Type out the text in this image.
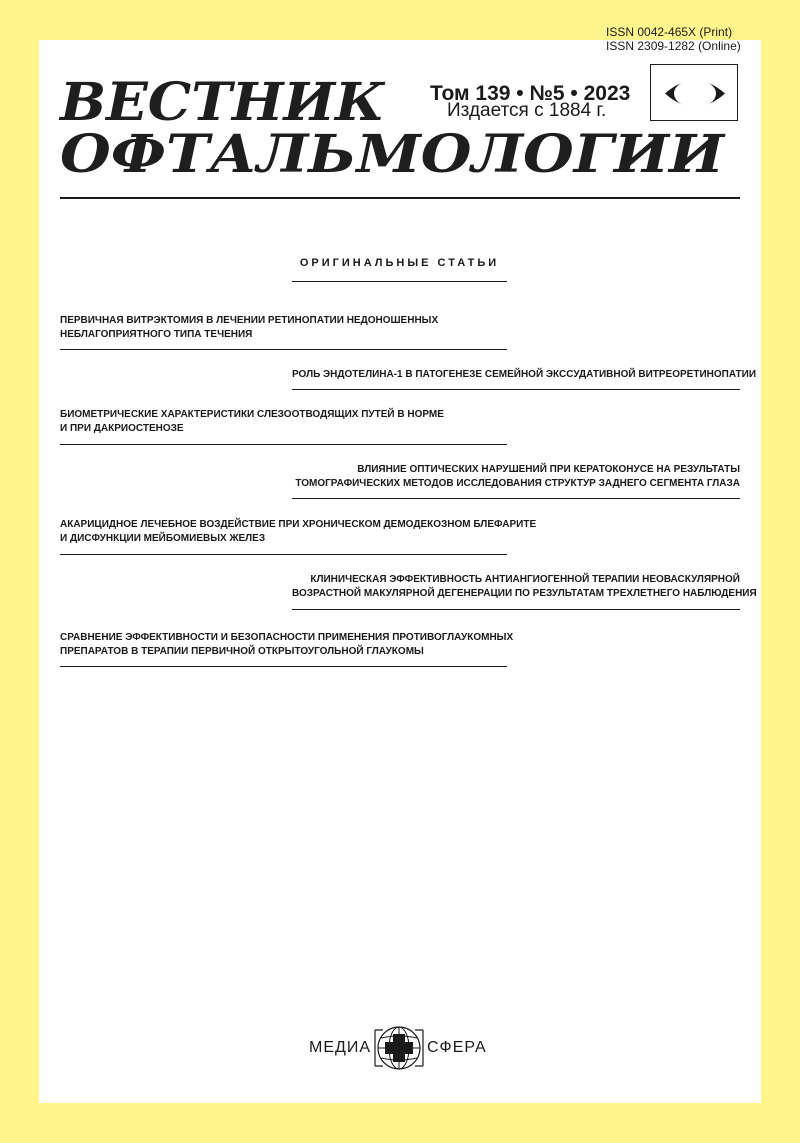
ISSN 0042-465X (Print)
ISSN 2309-1282 (Online)
ВЕСТНИК
ОФТАЛЬМОЛОГИИ
Том 139 • №5 • 2023
Издается с 1884 г.
ОРИГИНАЛЬНЫЕ СТАТЬИ
ПЕРВИЧНАЯ ВИТРЭКТОМИЯ В ЛЕЧЕНИИ РЕТИНОПАТИИ НЕДОНОШЕННЫХ
НЕБЛАГОПРИЯТНОГО ТИПА ТЕЧЕНИЯ
РОЛЬ ЭНДОТЕЛИНА-1 В ПАТОГЕНЕЗЕ СЕМЕЙНОЙ ЭКССУДАТИВНОЙ ВИТРЕОРЕТИНОПАТИИ
БИОМЕТРИЧЕСКИЕ ХАРАКТЕРИСТИКИ СЛЕЗООТВОДЯЩИХ ПУТЕЙ В НОРМЕ
И ПРИ ДАКРИОСТЕНОЗЕ
ВЛИЯНИЕ ОПТИЧЕСКИХ НАРУШЕНИЙ ПРИ КЕРАТОКОНУСЕ НА РЕЗУЛЬТАТЫ
ТОМОГРАФИЧЕСКИХ МЕТОДОВ ИССЛЕДОВАНИЯ СТРУКТУР ЗАДНЕГО СЕГМЕНТА ГЛАЗА
АКАРИЦИДНОЕ ЛЕЧЕБНОЕ ВОЗДЕЙСТВИЕ ПРИ ХРОНИЧЕСКОМ ДЕМОДЕКОЗНОМ БЛЕФАРИТЕ
И ДИСФУНКЦИИ МЕЙБОМИЕВЫХ ЖЕЛЕЗ
КЛИНИЧЕСКАЯ ЭФФЕКТИВНОСТЬ АНТИАНГИОГЕННОЙ ТЕРАПИИ НЕОВАСКУЛЯРНОЙ
ВОЗРАСТНОЙ МАКУЛЯРНОЙ ДЕГЕНЕРАЦИИ ПО РЕЗУЛЬТАТАМ ТРЕХЛЕТНЕГО НАБЛЮДЕНИЯ
СРАВНЕНИЕ ЭФФЕКТИВНОСТИ И БЕЗОПАСНОСТИ ПРИМЕНЕНИЯ ПРОТИВОГЛАУКОМНЫХ
ПРЕПАРАТОВ В ТЕРАПИИ ПЕРВИЧНОЙ ОТКРЫТОУГОЛЬНОЙ ГЛАУКОМЫ
МЕДИА	СФЕРА
